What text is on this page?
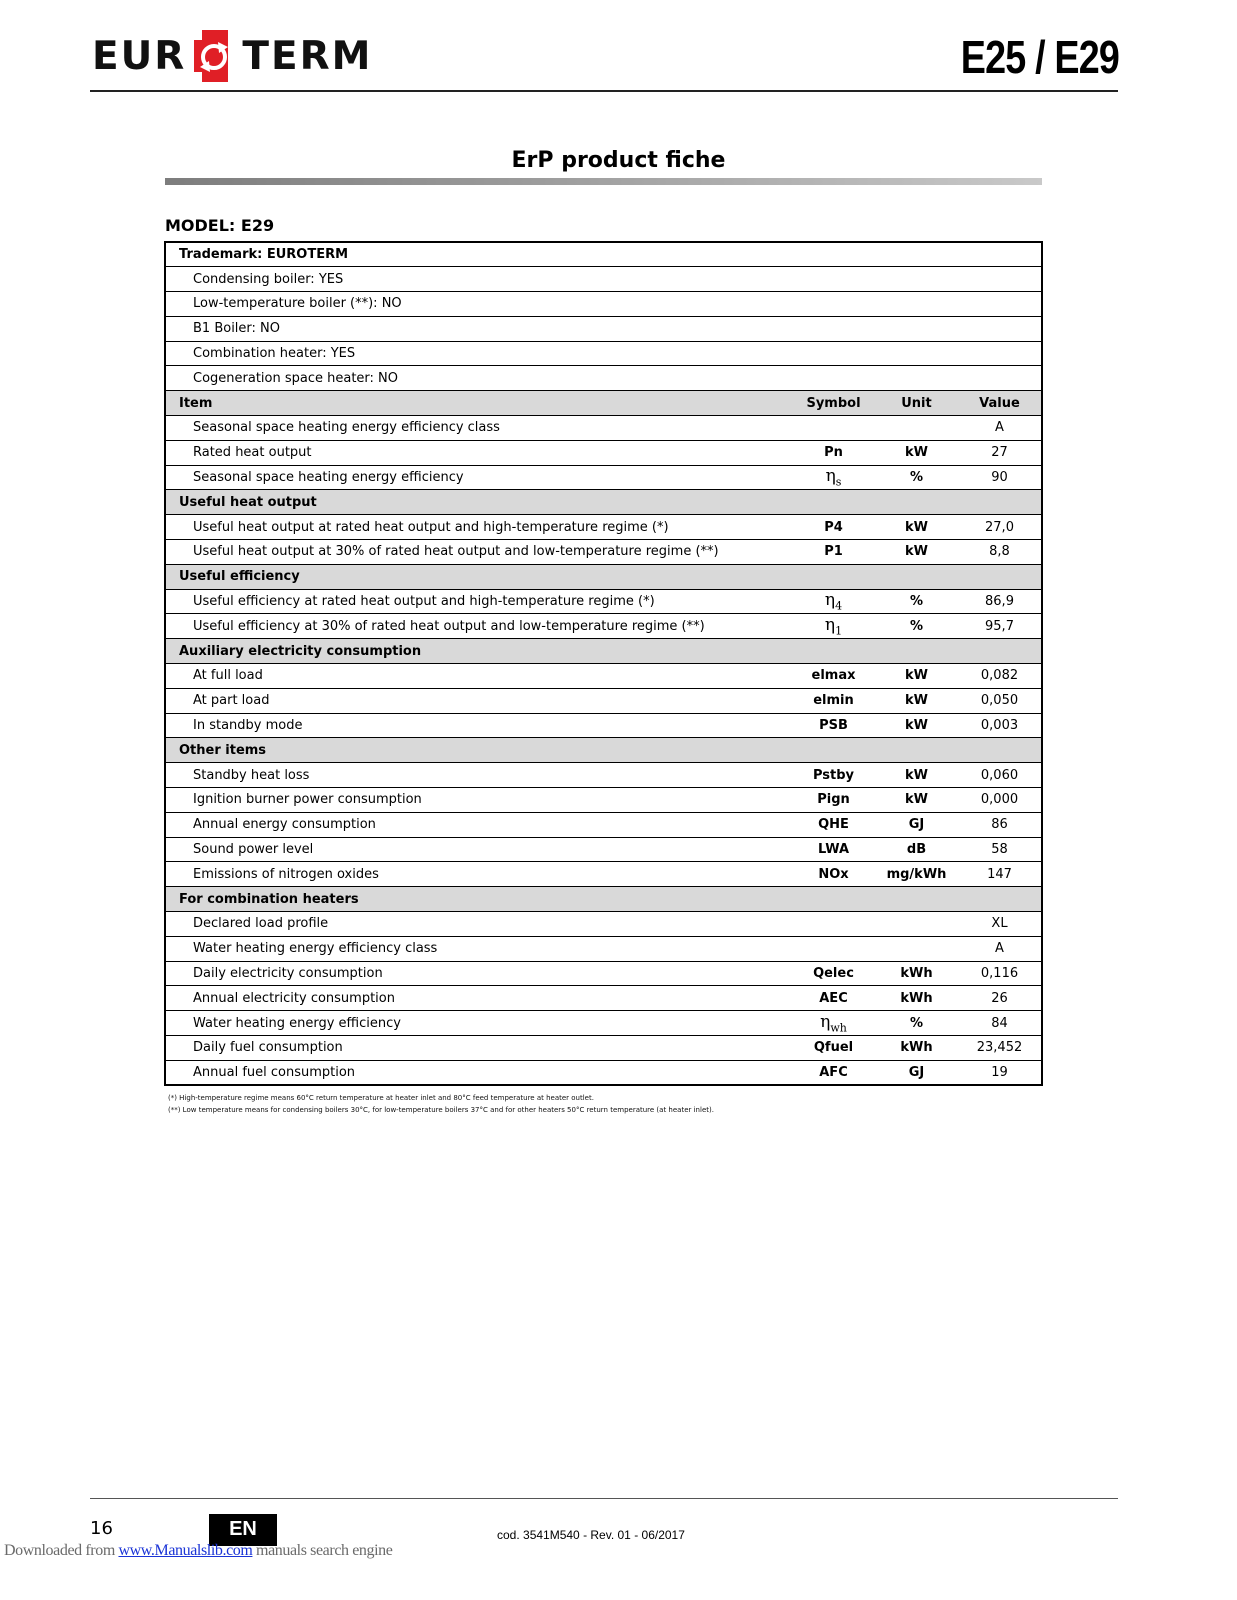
EUR TERM	E25 / E29
ErP product fiche
MODEL: E29
Trademark: EUROTERM			
Condensing boiler: YES			
Low-temperature boiler (**): NO			
B1 Boiler: NO			
Combination heater: YES			
Cogeneration space heater: NO			
Item	Symbol	Unit	Value
Seasonal space heating energy efficiency class			A
Rated heat output	Pn	kW	27
Seasonal space heating energy efficiency	$\eta_s$	%	90
Useful heat output			
Useful heat output at rated heat output and high-temperature regime (*)	P4	kW	27,0
Useful heat output at 30% of rated heat output and low-temperature regime (**)	P1	kW	8,8
Useful efficiency			
Useful efficiency at rated heat output and high-temperature regime (*)	$\eta_4$	%	86,9
Useful efficiency at 30% of rated heat output and low-temperature regime (**)	$\eta_1$	%	95,7
Auxiliary electricity consumption			
At full load	elmax	kW	0,082
At part load	elmin	kW	0,050
In standby mode	PSB	kW	0,003
Other items			
Standby heat loss	Pstby	kW	0,060
Ignition burner power consumption	Pign	kW	0,000
Annual energy consumption	QHE	GJ	86
Sound power level	LWA	dB	58
Emissions of nitrogen oxides	NOx	mg/kWh	147
For combination heaters			
Declared load profile			XL
Water heating energy efficiency class			A
Daily electricity consumption	Qelec	kWh	0,116
Annual electricity consumption	AEC	kWh	26
Water heating energy efficiency	$\eta_{wh}$	%	84
Daily fuel consumption	Qfuel	kWh	23,452
Annual fuel consumption	AFC	GJ	19
(*) High-temperature regime means 60°C return temperature at heater inlet and 80°C feed temperature at heater outlet.
(**) Low temperature means for condensing boilers 30°C, for low-temperature boilers 37°C and for other heaters 50°C return temperature (at heater inlet).
16	EN	cod. 3541M540 - Rev. 01 - 06/2017
Downloaded from www.Manualslib.com manuals search engine
